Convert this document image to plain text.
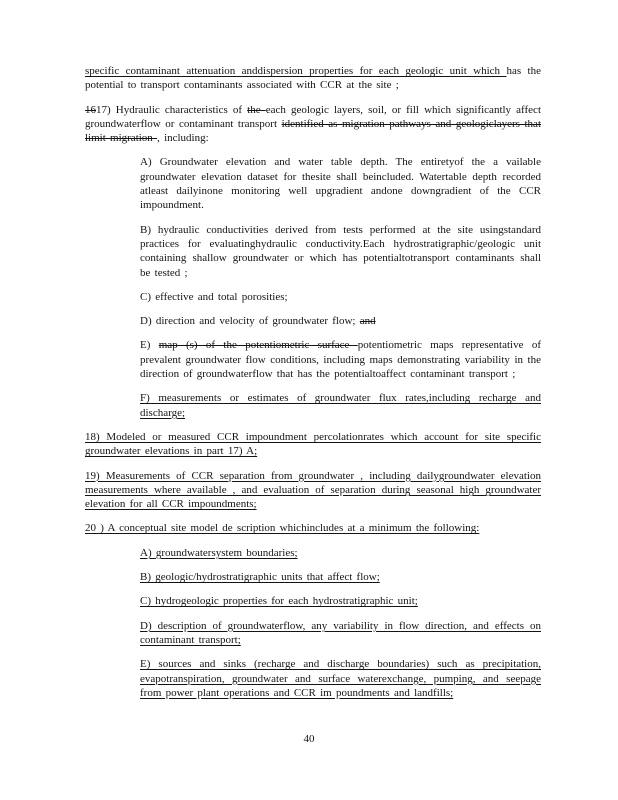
specific contaminant attenuation anddispersion properties for each geologic unit which has the potential to transport contaminants associated with CCR at the site ;

1617) Hydraulic characteristics of the each geologic layers, soil, or fill which significantly affect groundwaterflow or contaminant transport identified as migration pathways and geologiclayers that limit migration , including:

A) Groundwater elevation and water table depth. The entiretyof the a vailable groundwater elevation dataset for thesite shall beincluded. Watertable depth recorded atleast dailyinone monitoring well upgradient andone downgradient of the CCR impoundment.

B) hydraulic conductivities derived from tests performed at the site usingstandard practices for evaluatinghydraulic conductivity.Each hydrostratigraphic/geologic unit containing shallow groundwater or which has potentialtotransport contaminants shall be tested ;

C) effective and total porosities;

D) direction and velocity of groundwater flow; and

E) map (s) of the potentiometric surface potentiometric maps representative of prevalent groundwater flow conditions, including maps demonstrating variability in the direction of groundwaterflow that has the potentialtoaffect contaminant transport ;

F) measurements or estimates of groundwater flux rates,including recharge and discharge;

18) Modeled or measured CCR impoundment percolationrates which account for site specific groundwater elevations in part 17) A;

19) Measurements of CCR separation from groundwater , including dailygroundwater elevation measurements where available , and evaluation of separation during seasonal high groundwater elevation for all CCR impoundments;

20 ) A conceptual site model de scription whichincludes at a minimum the following:

A) groundwatersystem boundaries;

B) geologic/hydrostratigraphic units that affect flow;

C) hydrogeologic properties for each hydrostratigraphic unit;

D) description of groundwaterflow, any variability in flow direction, and effects on contaminant transport;

E) sources and sinks (recharge and discharge boundaries) such as precipitation, evapotranspiration, groundwater and surface waterexchange, pumping, and seepage from power plant operations and CCR im poundments and landfills;

40
